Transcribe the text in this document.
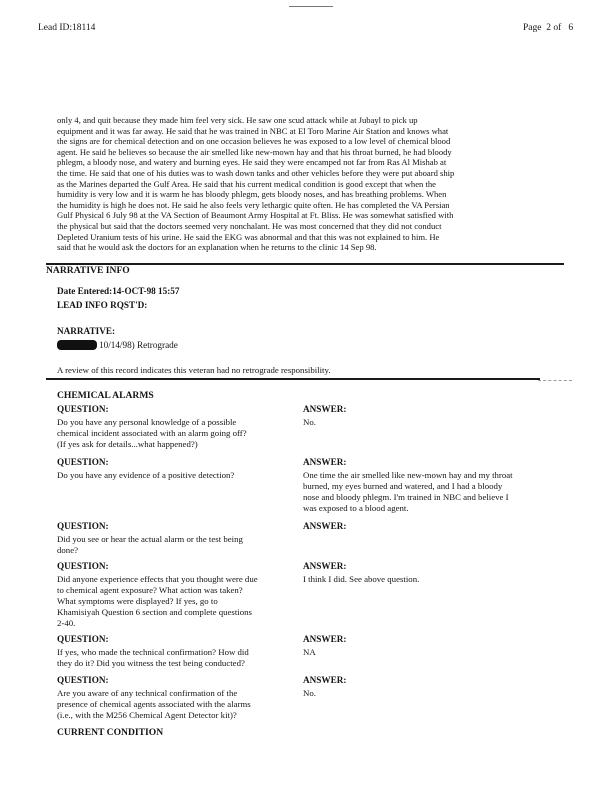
Lead ID:18114	Page 2 of 6
only 4, and quit because they made him feel very sick. He saw one scud attack while at Jubayl to pick up
equipment and it was far away. He said that he was trained in NBC at El Toro Marine Air Station and knows what
the signs are for chemical detection and on one occasion believes he was exposed to a low level of chemical blood
agent. He said he believes so because the air smelled like new-mown hay and that his throat burned, he had bloody
phlegm, a bloody nose, and watery and burning eyes. He said they were encamped not far from Ras Al Mishab at
the time. He said that one of his duties was to wash down tanks and other vehicles before they were put aboard ship
as the Marines departed the Gulf Area. He said that his current medical condition is good except that when the
humidity is very low and it is warm he has bloody phlegm, gets bloody noses, and has breathing problems. When
the humidity is high he does not. He said he also feels very lethargic quite often. He has completed the VA Persian
Gulf Physical 6 July 98 at the VA Section of Beaumont Army Hospital at Ft. Bliss. He was somewhat satisfied with
the physical but said that the doctors seemed very nonchalant. He was most concerned that they did not conduct
Depleted Uranium tests of his urine. He said the EKG was abnormal and that this was not explained to him. He
said that he would ask the doctors for an explanation when he returns to the clinic 14 Sep 98.
NARRATIVE INFO
Date Entered:14-OCT-98 15:57
LEAD INFO RQST'D:
NARRATIVE:
10/14/98) Retrograde
A review of this record indicates this veteran had no retrograde responsibility.
CHEMICAL ALARMS
QUESTION:	ANSWER:
Do you have any personal knowledge of a possible
chemical incident associated with an alarm going off?
(If yes ask for details...what happened?)
No.
QUESTION:	ANSWER:
Do you have any evidence of a positive detection?	One time the air smelled like new-mown hay and my throat
burned, my eyes burned and watered, and I had a bloody
nose and bloody phlegm. I'm trained in NBC and believe I
was exposed to a blood agent.
QUESTION:	ANSWER:
Did you see or hear the actual alarm or the test being
done?
QUESTION:	ANSWER:
Did anyone experience effects that you thought were due
to chemical agent exposure? What action was taken?
What symptoms were displayed? If yes, go to
Khamisiyah Question 6 section and complete questions
2-40.
I think I did. See above question.
QUESTION:	ANSWER:
If yes, who made the technical confirmation? How did
they do it? Did you witness the test being conducted?
NA
QUESTION:	ANSWER:
Are you aware of any technical confirmation of the
presence of chemical agents associated with the alarms
(i.e., with the M256 Chemical Agent Detector kit)?
No.
CURRENT CONDITION
